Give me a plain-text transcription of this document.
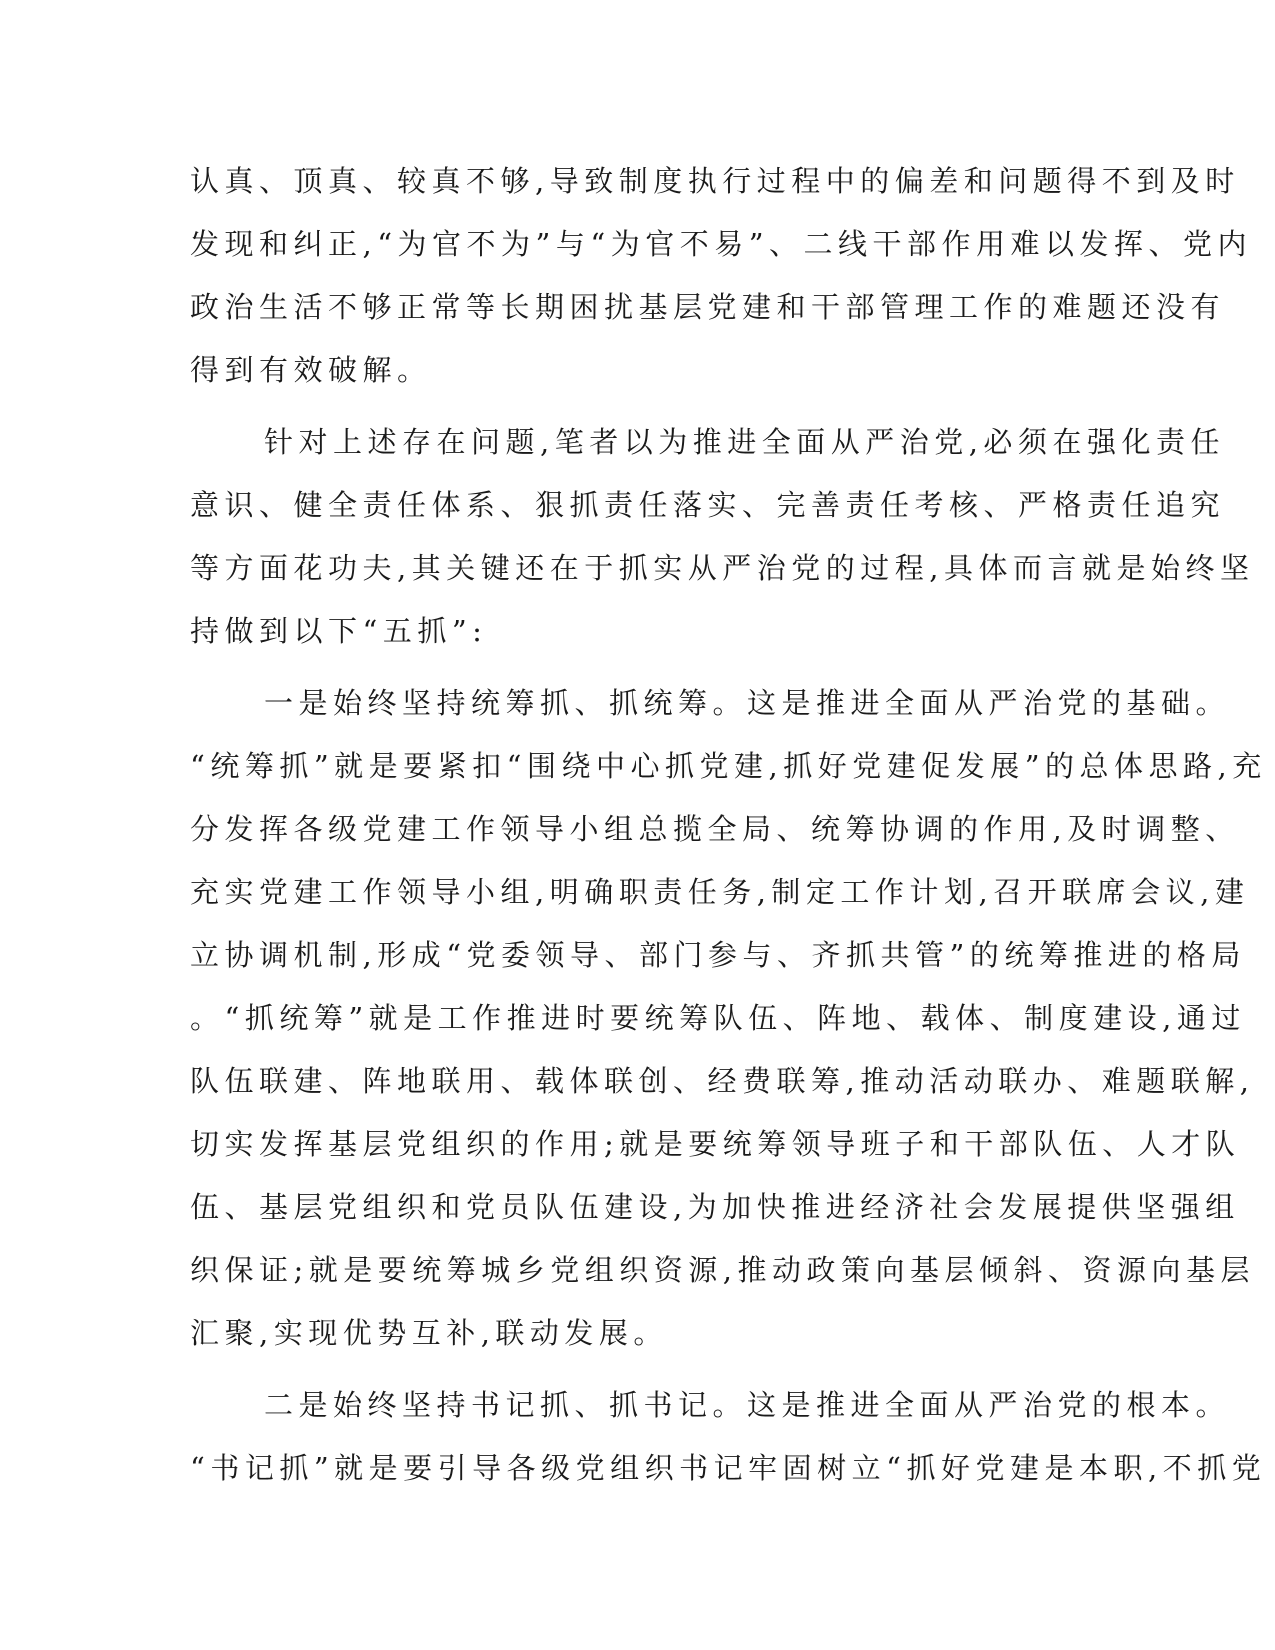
认真、顶真、较真不够,导致制度执行过程中的偏差和问题得不到及时
发现和纠正,“为官不为”与“为官不易”、二线干部作用难以发挥、党内
政治生活不够正常等长期困扰基层党建和干部管理工作的难题还没有
得到有效破解。
针对上述存在问题,笔者以为推进全面从严治党,必须在强化责任
意识、健全责任体系、狠抓责任落实、完善责任考核、严格责任追究
等方面花功夫,其关键还在于抓实从严治党的过程,具体而言就是始终坚
持做到以下“五抓”:
一是始终坚持统筹抓、抓统筹。这是推进全面从严治党的基础。
“统筹抓”就是要紧扣“围绕中心抓党建,抓好党建促发展”的总体思路,充
分发挥各级党建工作领导小组总揽全局、统筹协调的作用,及时调整、
充实党建工作领导小组,明确职责任务,制定工作计划,召开联席会议,建
立协调机制,形成“党委领导、部门参与、齐抓共管”的统筹推进的格局
。“抓统筹”就是工作推进时要统筹队伍、阵地、载体、制度建设,通过
队伍联建、阵地联用、载体联创、经费联筹,推动活动联办、难题联解,
切实发挥基层党组织的作用;就是要统筹领导班子和干部队伍、人才队
伍、基层党组织和党员队伍建设,为加快推进经济社会发展提供坚强组
织保证;就是要统筹城乡党组织资源,推动政策向基层倾斜、资源向基层
汇聚,实现优势互补,联动发展。
二是始终坚持书记抓、抓书记。这是推进全面从严治党的根本。
“书记抓”就是要引导各级党组织书记牢固树立“抓好党建是本职,不抓党
